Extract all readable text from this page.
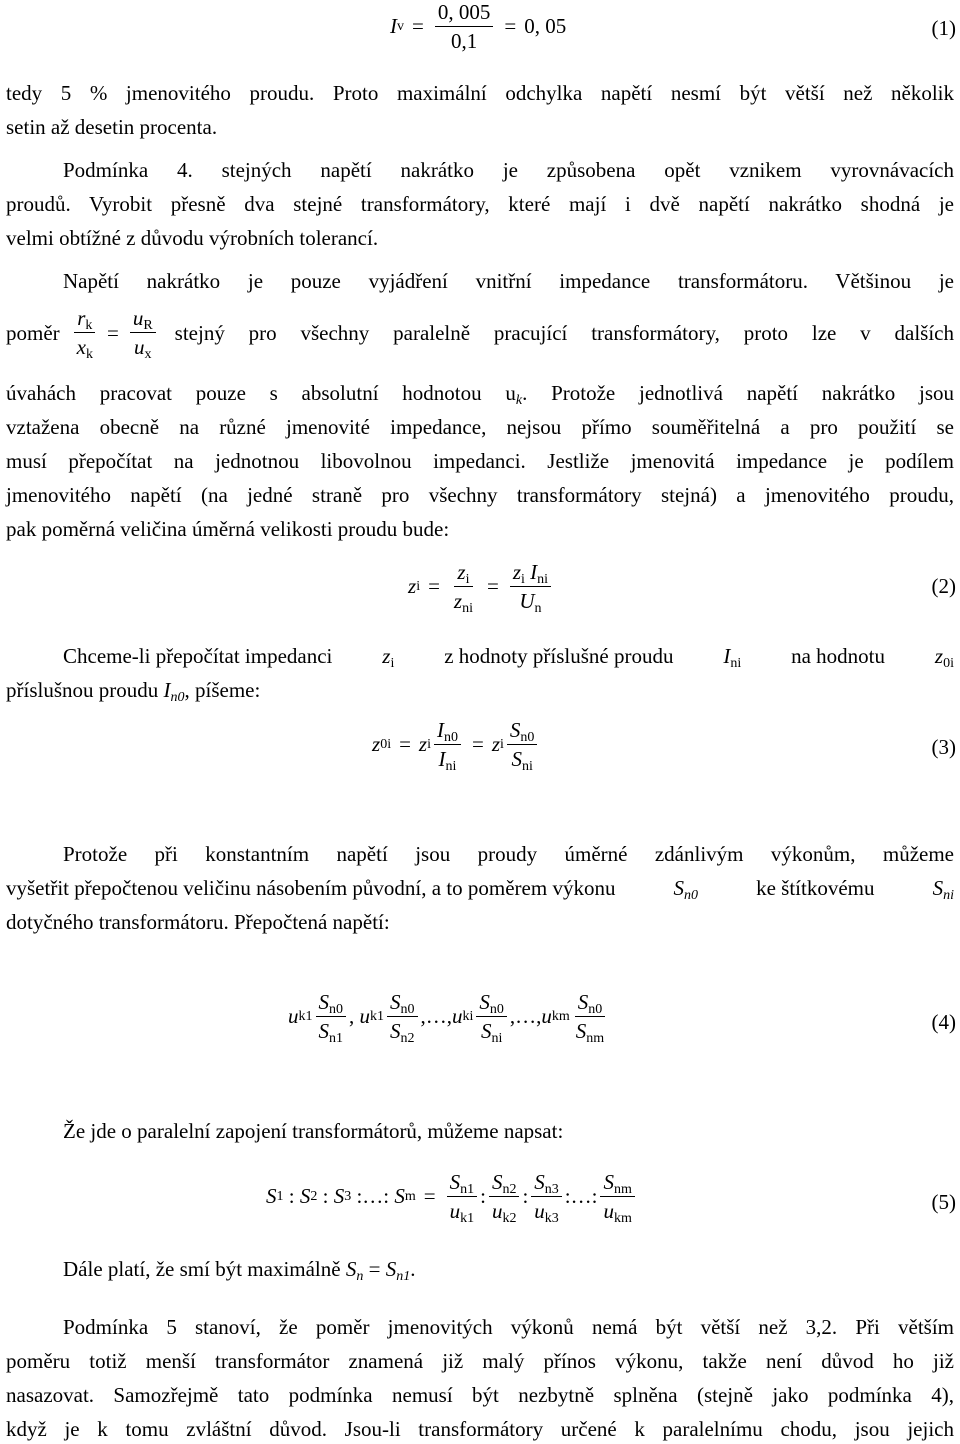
I $v = \frac{0, 005}{0,1} = 0$, 05	(1)
tedy 5 % jmenovitého proudu. Proto maximální odchylka napětí nesmí být větší než několik
setin až desetin procenta.
Podmínka 4. stejných napětí nakrátko je způsobena opět vznikem vyrovnávacích
proudů. Vyrobit přesně dva stejné transformátory, které mají i dvě napětí nakrátko shodná je
velmi obtížné z důvodu výrobních tolerancí.
Napětí nakrátko je pouze vyjádření vnitřní impedance transformátoru. Většinou je
poměr $\frac{r_k}{x_k} = \frac{u_R}{u_x}$ stejný pro všechny paralelně pracující transformátory, proto lze v dalších
úvahách pracovat pouze s absolutní hodnotou $u_k$. Protože jednotlivá napětí nakrátko jsou
vztažena obecně na různé jmenovité impedance, nejsou přímo souměřitelná a pro použití se
musí přepočítat na jednotnou libovolnou impedanci. Jestliže jmenovitá impedance je podílem
jmenovitého napětí (na jedné straně pro všechny transformátory stejná) a jmenovitého proudu,
pak poměrná veličina úměrná velikosti proudu bude:
z $i = \frac{z_i}{z_{ni}} = \frac{z_i I_{ni}}{U_n}$	(2)
Chceme-li přepočítat impedanci $z_i$ z hodnoty příslušné proudu $I_{ni}$ na hodnotu $z_{0i}$
příslušnou proudu $I_{n0}$, píšeme:
z 0i = z i $\frac{I_{n0}}{I_{ni}} = z$ i $\frac{S_{n0}}{S_{ni}}$	(3)
Protože při konstantním napětí jsou proudy úměrné zdánlivým výkonům, můžeme
vyšetřit přepočtenou veličinu násobením původní, a to poměrem výkonu	$S_{n0}$	ke štítkovému	$S_{ni}$
dotyčného transformátoru. Přepočtená napětí:
u $k1 \frac{S_{n0}}{S_{n1}}$ , u $k1 \frac{S_{n0}}{S_{n2}}$ ,…, u ki $\frac{S_{n0}}{S_{ni}}$ ,…, u km $\frac{S_{n0}}{S_{nm}}$	(4)
Že jde o paralelní zapojení transformátorů, můžeme napsat:
S 1 : S 2 : S 3 :…: S $m = \frac{S_{n1}}{u_{k1}}$ : $\frac{S_{n2}}{u_{k2}}$ : $\frac{S_{n3}}{u_{k3}}$ :…: $\frac{S_{nm}}{u_{km}}$	(5)
Dále platí, že smí být maximálně $S_n = S_{n1}$.
Podmínka 5 stanoví, že poměr jmenovitých výkonů nemá být větší než 3,2. Při větším
poměru totiž menší transformátor znamená již malý přínos výkonu, takže není důvod ho již
nasazovat. Samozřejmě tato podmínka nemusí být nezbytně splněna (stejně jako podmínka 4),
když je k tomu zvláštní důvod. Jsou-li transformátory určené k paralelnímu chodu, jsou jejich
